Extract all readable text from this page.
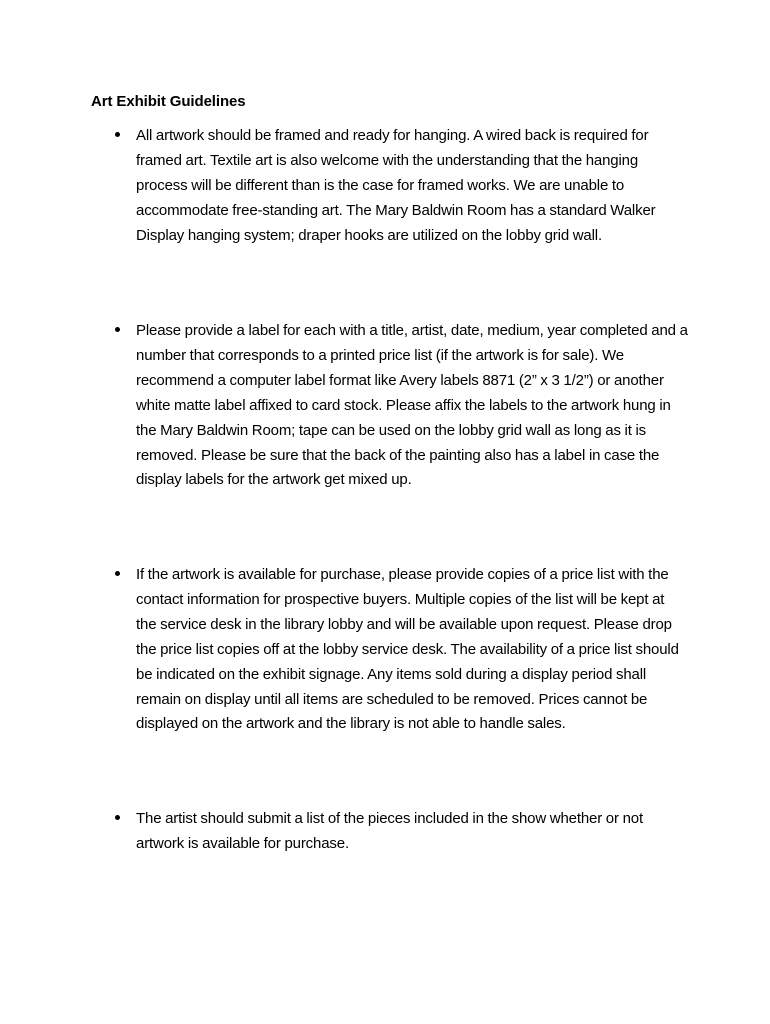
Art Exhibit Guidelines

All artwork should be framed and ready for hanging. A wired back is required for framed art. Textile art is also welcome with the understanding that the hanging process will be different than is the case for framed works. We are unable to accommodate free-standing art. The Mary Baldwin Room has a standard Walker Display hanging system; draper hooks are utilized on the lobby grid wall.

Please provide a label for each with a title, artist, date, medium, year completed and a number that corresponds to a printed price list (if the artwork is for sale). We recommend a computer label format like Avery labels 8871 (2” x 3 1/2”) or another white matte label affixed to card stock. Please affix the labels to the artwork hung in the Mary Baldwin Room; tape can be used on the lobby grid wall as long as it is removed. Please be sure that the back of the painting also has a label in case the display labels for the artwork get mixed up.

If the artwork is available for purchase, please provide copies of a price list with the contact information for prospective buyers. Multiple copies of the list will be kept at the service desk in the library lobby and will be available upon request. Please drop the price list copies off at the lobby service desk. The availability of a price list should be indicated on the exhibit signage. Any items sold during a display period shall remain on display until all items are scheduled to be removed. Prices cannot be displayed on the artwork and the library is not able to handle sales.

The artist should submit a list of the pieces included in the show whether or not artwork is available for purchase.
